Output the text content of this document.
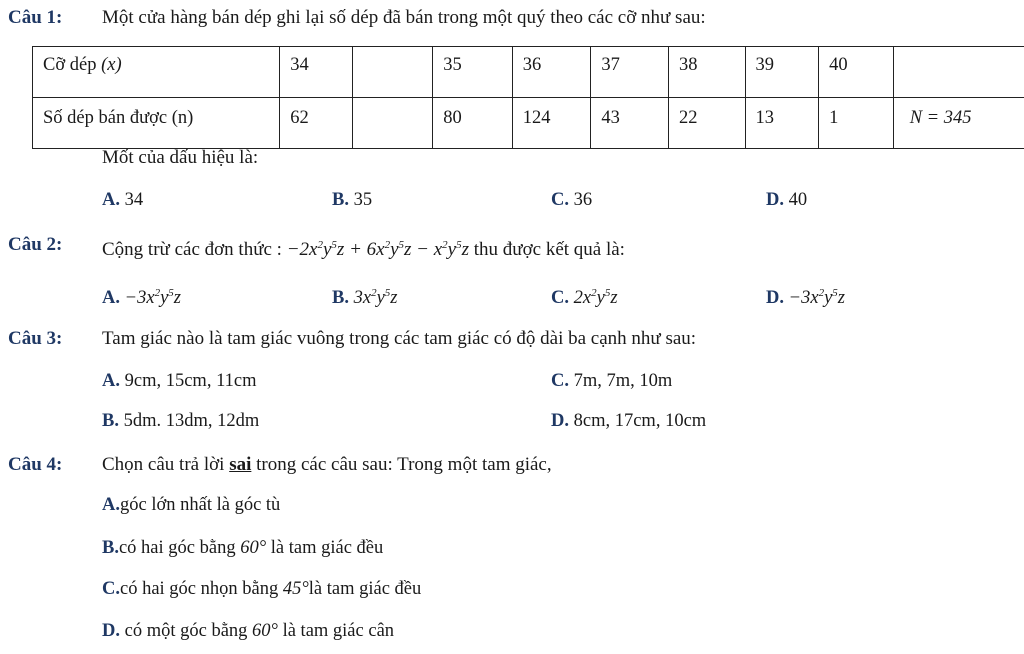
Câu 1: Một cửa hàng bán dép ghi lại số dép đã bán trong một quý theo các cỡ như sau:
Cỡ dép (x)	34		35	36	37	38	39	40	
Số dép bán được (n)	62		80	124	43	22	13	1	N = 345
Mốt của dấu hiệu là:
A. 34	B. 35	C. 36	D. 40
Câu 2: Cộng trừ các đơn thức : $-2x^2y^5z + 6x^2y^5z - x^2y^5z$ thu được kết quả là:
A. $-3x^2y^5z$	B. $3x^2y^5z$	C. $2x^2y^5z$	D. $-3x^2y^5z$
Câu 3: Tam giác nào là tam giác vuông trong các tam giác có độ dài ba cạnh như sau:
A. 9cm, 15cm, 11cm	C. 7m, 7m, 10m
B. 5dm. 13dm, 12dm	D. 8cm, 17cm, 10cm
Câu 4: Chọn câu trả lời sai trong các câu sau: Trong một tam giác,
A.góc lớn nhất là góc tù
B.có hai góc bằng 60° là tam giác đều
C.có hai góc nhọn bằng 45°là tam giác đều
D. có một góc bằng 60° là tam giác cân
